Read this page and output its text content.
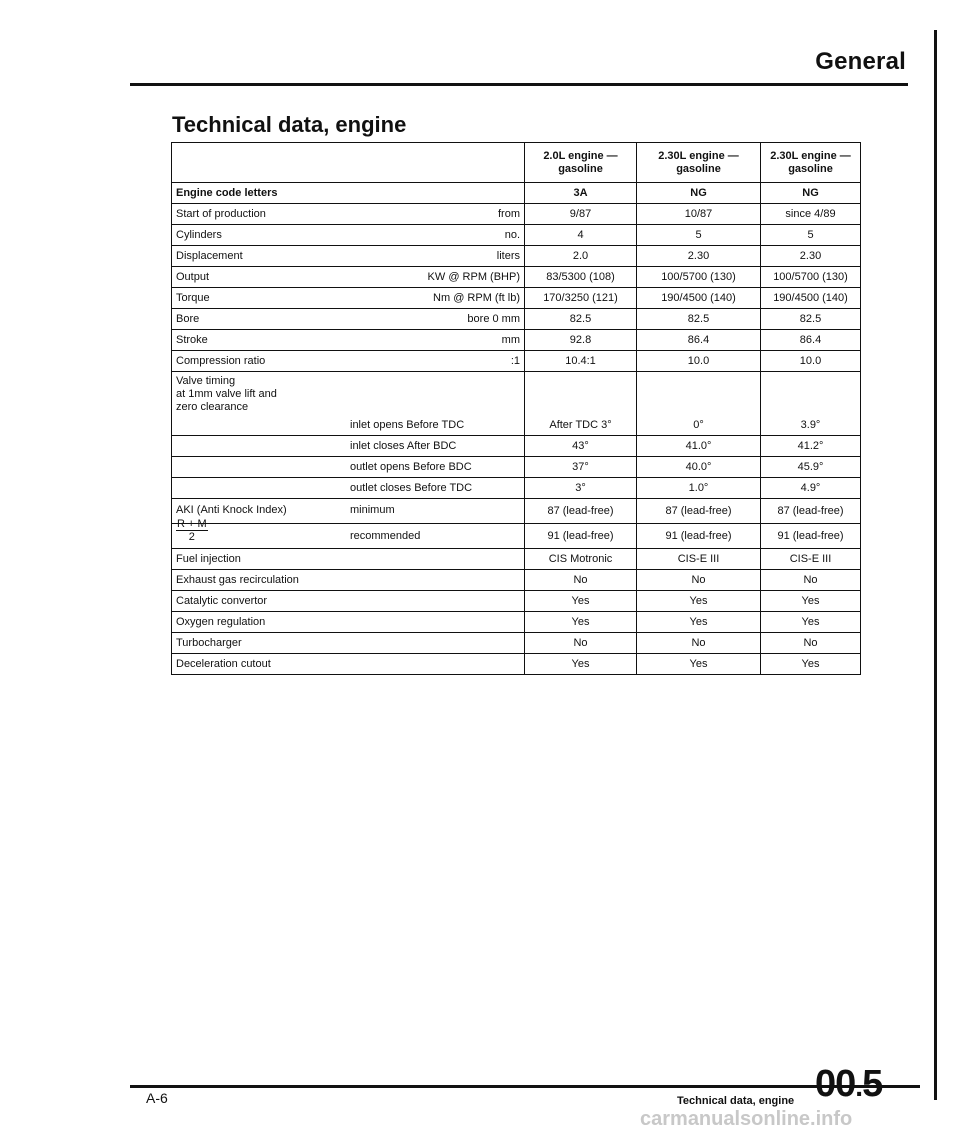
General
Technical data, engine
	2.0L engine — gasoline	2.30L engine — gasoline	2.30L engine — gasoline

Engine code letters	3A	NG	NG

Start of production from	9/87	10/87	since 4/89

Cylinders no.	4	5	5

Displacement liters	2.0	2.30	2.30

Output KW @ RPM (BHP)	83/5300 (108)	100/5700 (130)	100/5700 (130)

Torque Nm @ RPM (ft lb)	170/3250 (121)	190/4500 (140)	190/4500 (140)

Bore bore 0 mm	82.5	82.5	82.5

Stroke mm	92.8	86.4	86.4

Compression ratio :1	10.4:1	10.0	10.0

Valve timing
at 1mm valve lift and
zero clearance			

inlet opens Before TDC	After TDC 3°	0°	3.9°
inlet closes After BDC	43°	41.0°	41.2°
outlet opens Before BDC	37°	40.0°	45.9°
outlet closes Before TDC	3°	1.0°	4.9°

AKI (Anti Knock Index) minimum	87 (lead-free)	87 (lead-free)	87 (lead-free)

$\frac{R + M}{2}$ recommended	91 (lead-free)	91 (lead-free)	91 (lead-free)
Fuel injection	CIS Motronic	CIS-E III	CIS-E III
Exhaust gas recirculation	No	No	No
Catalytic convertor	Yes	Yes	Yes
Oxygen regulation	Yes	Yes	Yes
Turbocharger	No	No	No
Deceleration cutout	Yes	Yes	Yes
A-6	Technical data, engine 00.5
carmanualsonline.info
